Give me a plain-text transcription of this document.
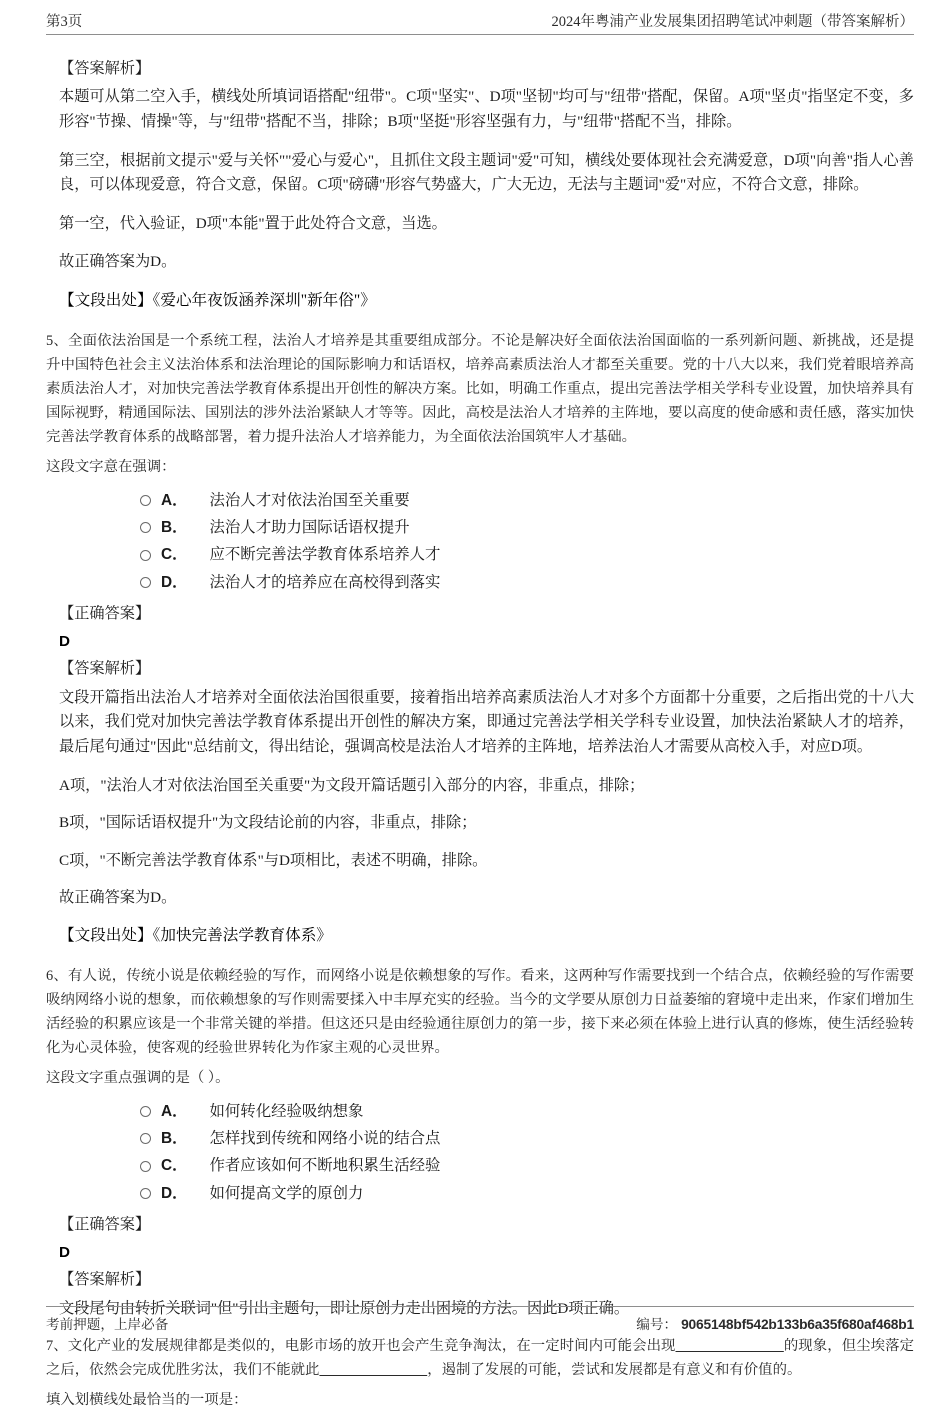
第3页	2024年粤浦产业发展集团招聘笔试冲刺题（带答案解析）
【答案解析】
本题可从第二空入手，横线处所填词语搭配"纽带"。C项"坚实"、D项"坚韧"均可与"纽带"搭配，保留。A项"坚贞"指坚定不变，多形容"节操、情操"等，与"纽带"搭配不当，排除；B项"坚挺"形容坚强有力，与"纽带"搭配不当，排除。
第三空，根据前文提示"爱与关怀""爱心与爱心"，且抓住文段主题词"爱"可知，横线处要体现社会充满爱意，D项"向善"指人心善良，可以体现爱意，符合文意，保留。C项"磅礴"形容气势盛大，广大无边，无法与主题词"爱"对应，不符合文意，排除。
第一空，代入验证，D项"本能"置于此处符合文意，当选。
故正确答案为D。
【文段出处】《爱心年夜饭涵养深圳"新年俗"》
5、全面依法治国是一个系统工程，法治人才培养是其重要组成部分。不论是解决好全面依法治国面临的一系列新问题、新挑战，还是提升中国特色社会主义法治体系和法治理论的国际影响力和话语权，培养高素质法治人才都至关重要。党的十八大以来，我们党着眼培养高素质法治人才，对加快完善法学教育体系提出开创性的解决方案。比如，明确工作重点，提出完善法学相关学科专业设置，加快培养具有国际视野，精通国际法、国别法的涉外法治紧缺人才等等。因此，高校是法治人才培养的主阵地，要以高度的使命感和责任感，落实加快完善法学教育体系的战略部署，着力提升法治人才培养能力，为全面依法治国筑牢人才基础。
这段文字意在强调：
A． 法治人才对依法治国至关重要
B． 法治人才助力国际话语权提升
C． 应不断完善法学教育体系培养人才
D． 法治人才的培养应在高校得到落实
【正确答案】
D
【答案解析】
文段开篇指出法治人才培养对全面依法治国很重要，接着指出培养高素质法治人才对多个方面都十分重要，之后指出党的十八大以来，我们党对加快完善法学教育体系提出开创性的解决方案，即通过完善法学相关学科专业设置，加快法治紧缺人才的培养，最后尾句通过"因此"总结前文，得出结论，强调高校是法治人才培养的主阵地，培养法治人才需要从高校入手，对应D项。
A项，"法治人才对依法治国至关重要"为文段开篇话题引入部分的内容，非重点，排除；
B项，"国际话语权提升"为文段结论前的内容，非重点，排除；
C项，"不断完善法学教育体系"与D项相比，表述不明确，排除。
故正确答案为D。
【文段出处】《加快完善法学教育体系》
6、有人说，传统小说是依赖经验的写作，而网络小说是依赖想象的写作。看来，这两种写作需要找到一个结合点，依赖经验的写作需要吸纳网络小说的想象，而依赖想象的写作则需要揉入中丰厚充实的经验。当今的文学要从原创力日益萎缩的窘境中走出来，作家们增加生活经验的积累应该是一个非常关键的举措。但这还只是由经验通往原创力的第一步，接下来必须在体验上进行认真的修炼，使生活经验转化为心灵体验，使客观的经验世界转化为作家主观的心灵世界。
这段文字重点强调的是（ ）。
A． 如何转化经验吸纳想象
B． 怎样找到传统和网络小说的结合点
C． 作者应该如何不断地积累生活经验
D． 如何提高文学的原创力
【正确答案】
D
【答案解析】
文段尾句由转折关联词"但"引出主题句，即让原创力走出困境的方法。因此D项正确。
7、文化产业的发展规律都是类似的，电影市场的放开也会产生竞争淘汰，在一定时间内可能会出现＿＿＿＿＿＿＿的现象，但尘埃落定之后，依然会完成优胜劣汰，我们不能就此＿＿＿＿＿＿＿，遏制了发展的可能，尝试和发展都是有意义和有价值的。
填入划横线处最恰当的一项是：
考前押题，上岸必备	编号： 9065148bf542b133b6a35f680af468b1
